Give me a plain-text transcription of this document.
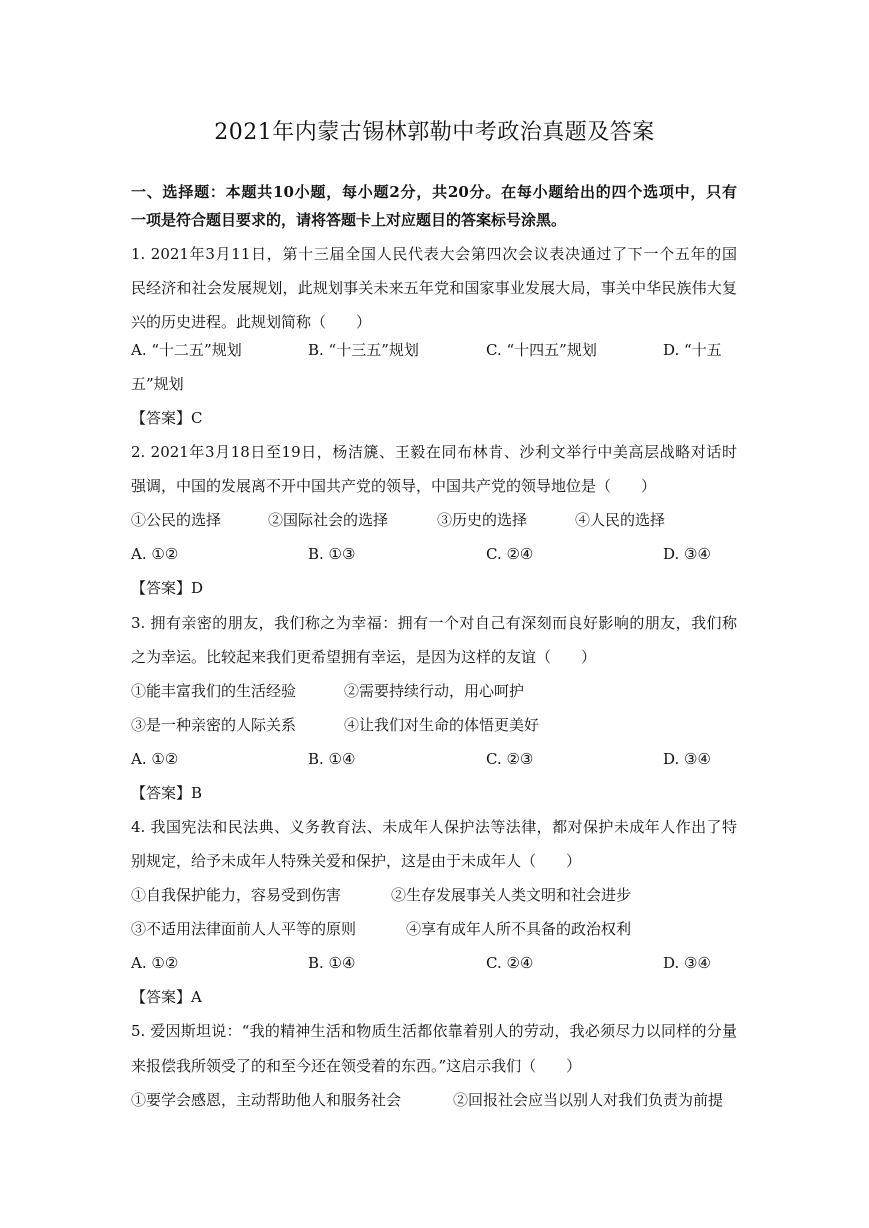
2021年内蒙古锡林郭勒中考政治真题及答案
一、选择题：本题共10小题，每小题2分，共20分。在每小题给出的四个选项中，只有
一项是符合题目要求的，请将答题卡上对应题目的答案标号涂黑。
1. 2021年3月11日，第十三届全国人民代表大会第四次会议表决通过了下一个五年的国
民经济和社会发展规划，此规划事关未来五年党和国家事业发展大局，事关中华民族伟大复
兴的历史进程。此规划简称（　　）
A. “十二五”规划	B. “十三五”规划	C. “十四五”规划	D. “十五
五”规划
【答案】C
2. 2021年3月18日至19日，杨洁篪、王毅在同布林肯、沙利文举行中美高层战略对话时
强调，中国的发展离不开中国共产党的领导，中国共产党的领导地位是（　　）
①公民的选择	②国际社会的选择	③历史的选择	④人民的选择
A. ①②	B. ①③	C. ②④	D. ③④
【答案】D
3. 拥有亲密的朋友，我们称之为幸福：拥有一个对自己有深刻而良好影响的朋友，我们称
之为幸运。比较起来我们更希望拥有幸运，是因为这样的友谊（　　）
①能丰富我们的生活经验	②需要持续行动，用心呵护
③是一种亲密的人际关系	④让我们对生命的体悟更美好
A. ①②	B. ①④	C. ②③	D. ③④
【答案】B
4. 我国宪法和民法典、义务教育法、未成年人保护法等法律，都对保护未成年人作出了特
别规定，给予未成年人特殊关爱和保护，这是由于未成年人（　　）
①自我保护能力，容易受到伤害	②生存发展事关人类文明和社会进步
③不适用法律面前人人平等的原则	④享有成年人所不具备的政治权利
A. ①②	B. ①④	C. ②④	D. ③④
【答案】A
5. 爱因斯坦说：“我的精神生活和物质生活都依靠着别人的劳动，我必须尽力以同样的分量
来报偿我所领受了的和至今还在领受着的东西。”这启示我们（　　）
①要学会感恩，主动帮助他人和服务社会	②回报社会应当以别人对我们负责为前提
